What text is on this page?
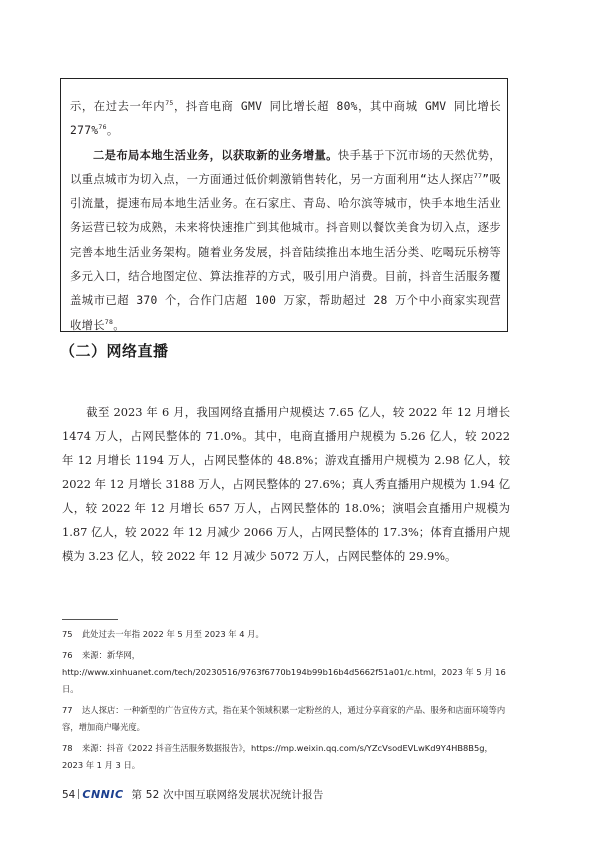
示，在过去一年内$^{75}$，抖音电商 GMV 同比增长超 80%，其中商城 GMV 同比增长 277%$^{76}$。

二是布局本地生活业务，以获取新的业务增量。快手基于下沉市场的天然优势，以重点城市为切入点，一方面通过低价刺激销售转化，另一方面利用“达人探店$^{77}$”吸引流量，提速布局本地生活业务。在石家庄、青岛、哈尔滨等城市，快手本地生活业务运营已较为成熟，未来将快速推广到其他城市。抖音则以餐饮美食为切入点，逐步完善本地生活业务架构。随着业务发展，抖音陆续推出本地生活分类、吃喝玩乐榜等多元入口，结合地图定位、算法推荐的方式，吸引用户消费。目前，抖音生活服务覆盖城市已超 370 个，合作门店超 100 万家，帮助超过 28 万个中小商家实现营收增长$^{78}$。

（二）网络直播

截至 2023 年 6 月，我国网络直播用户规模达 7.65 亿人，较 2022 年 12 月增长 1474 万人，占网民整体的 71.0%。其中，电商直播用户规模为 5.26 亿人，较 2022 年 12 月增长 1194 万人，占网民整体的 48.8%；游戏直播用户规模为 2.98 亿人，较 2022 年 12 月增长 3188 万人，占网民整体的 27.6%；真人秀直播用户规模为 1.94 亿人，较 2022 年 12 月增长 657 万人，占网民整体的 18.0%；演唱会直播用户规模为 1.87 亿人，较 2022 年 12 月减少 2066 万人，占网民整体的 17.3%；体育直播用户规模为 3.23 亿人，较 2022 年 12 月减少 5072 万人，占网民整体的 29.9%。

75 此处过去一年指 2022 年 5 月至 2023 年 4 月。

76 来源：新华网，http://www.xinhuanet.com/tech/20230516/9763f6770b194b99b16b4d5662f51a01/c.html，2023 年 5 月 16 日。

77 达人探店：一种新型的广告宣传方式，指在某个领域积累一定粉丝的人，通过分享商家的产品、服务和店面环境等内容，增加商户曝光度。

78 来源：抖音《2022 抖音生活服务数据报告》，https://mp.weixin.qq.com/s/YZcVsodEVLwKd9Y4HB8B5g，2023 年 1 月 3 日。

54 CNNIC 第 52 次中国互联网络发展状况统计报告
